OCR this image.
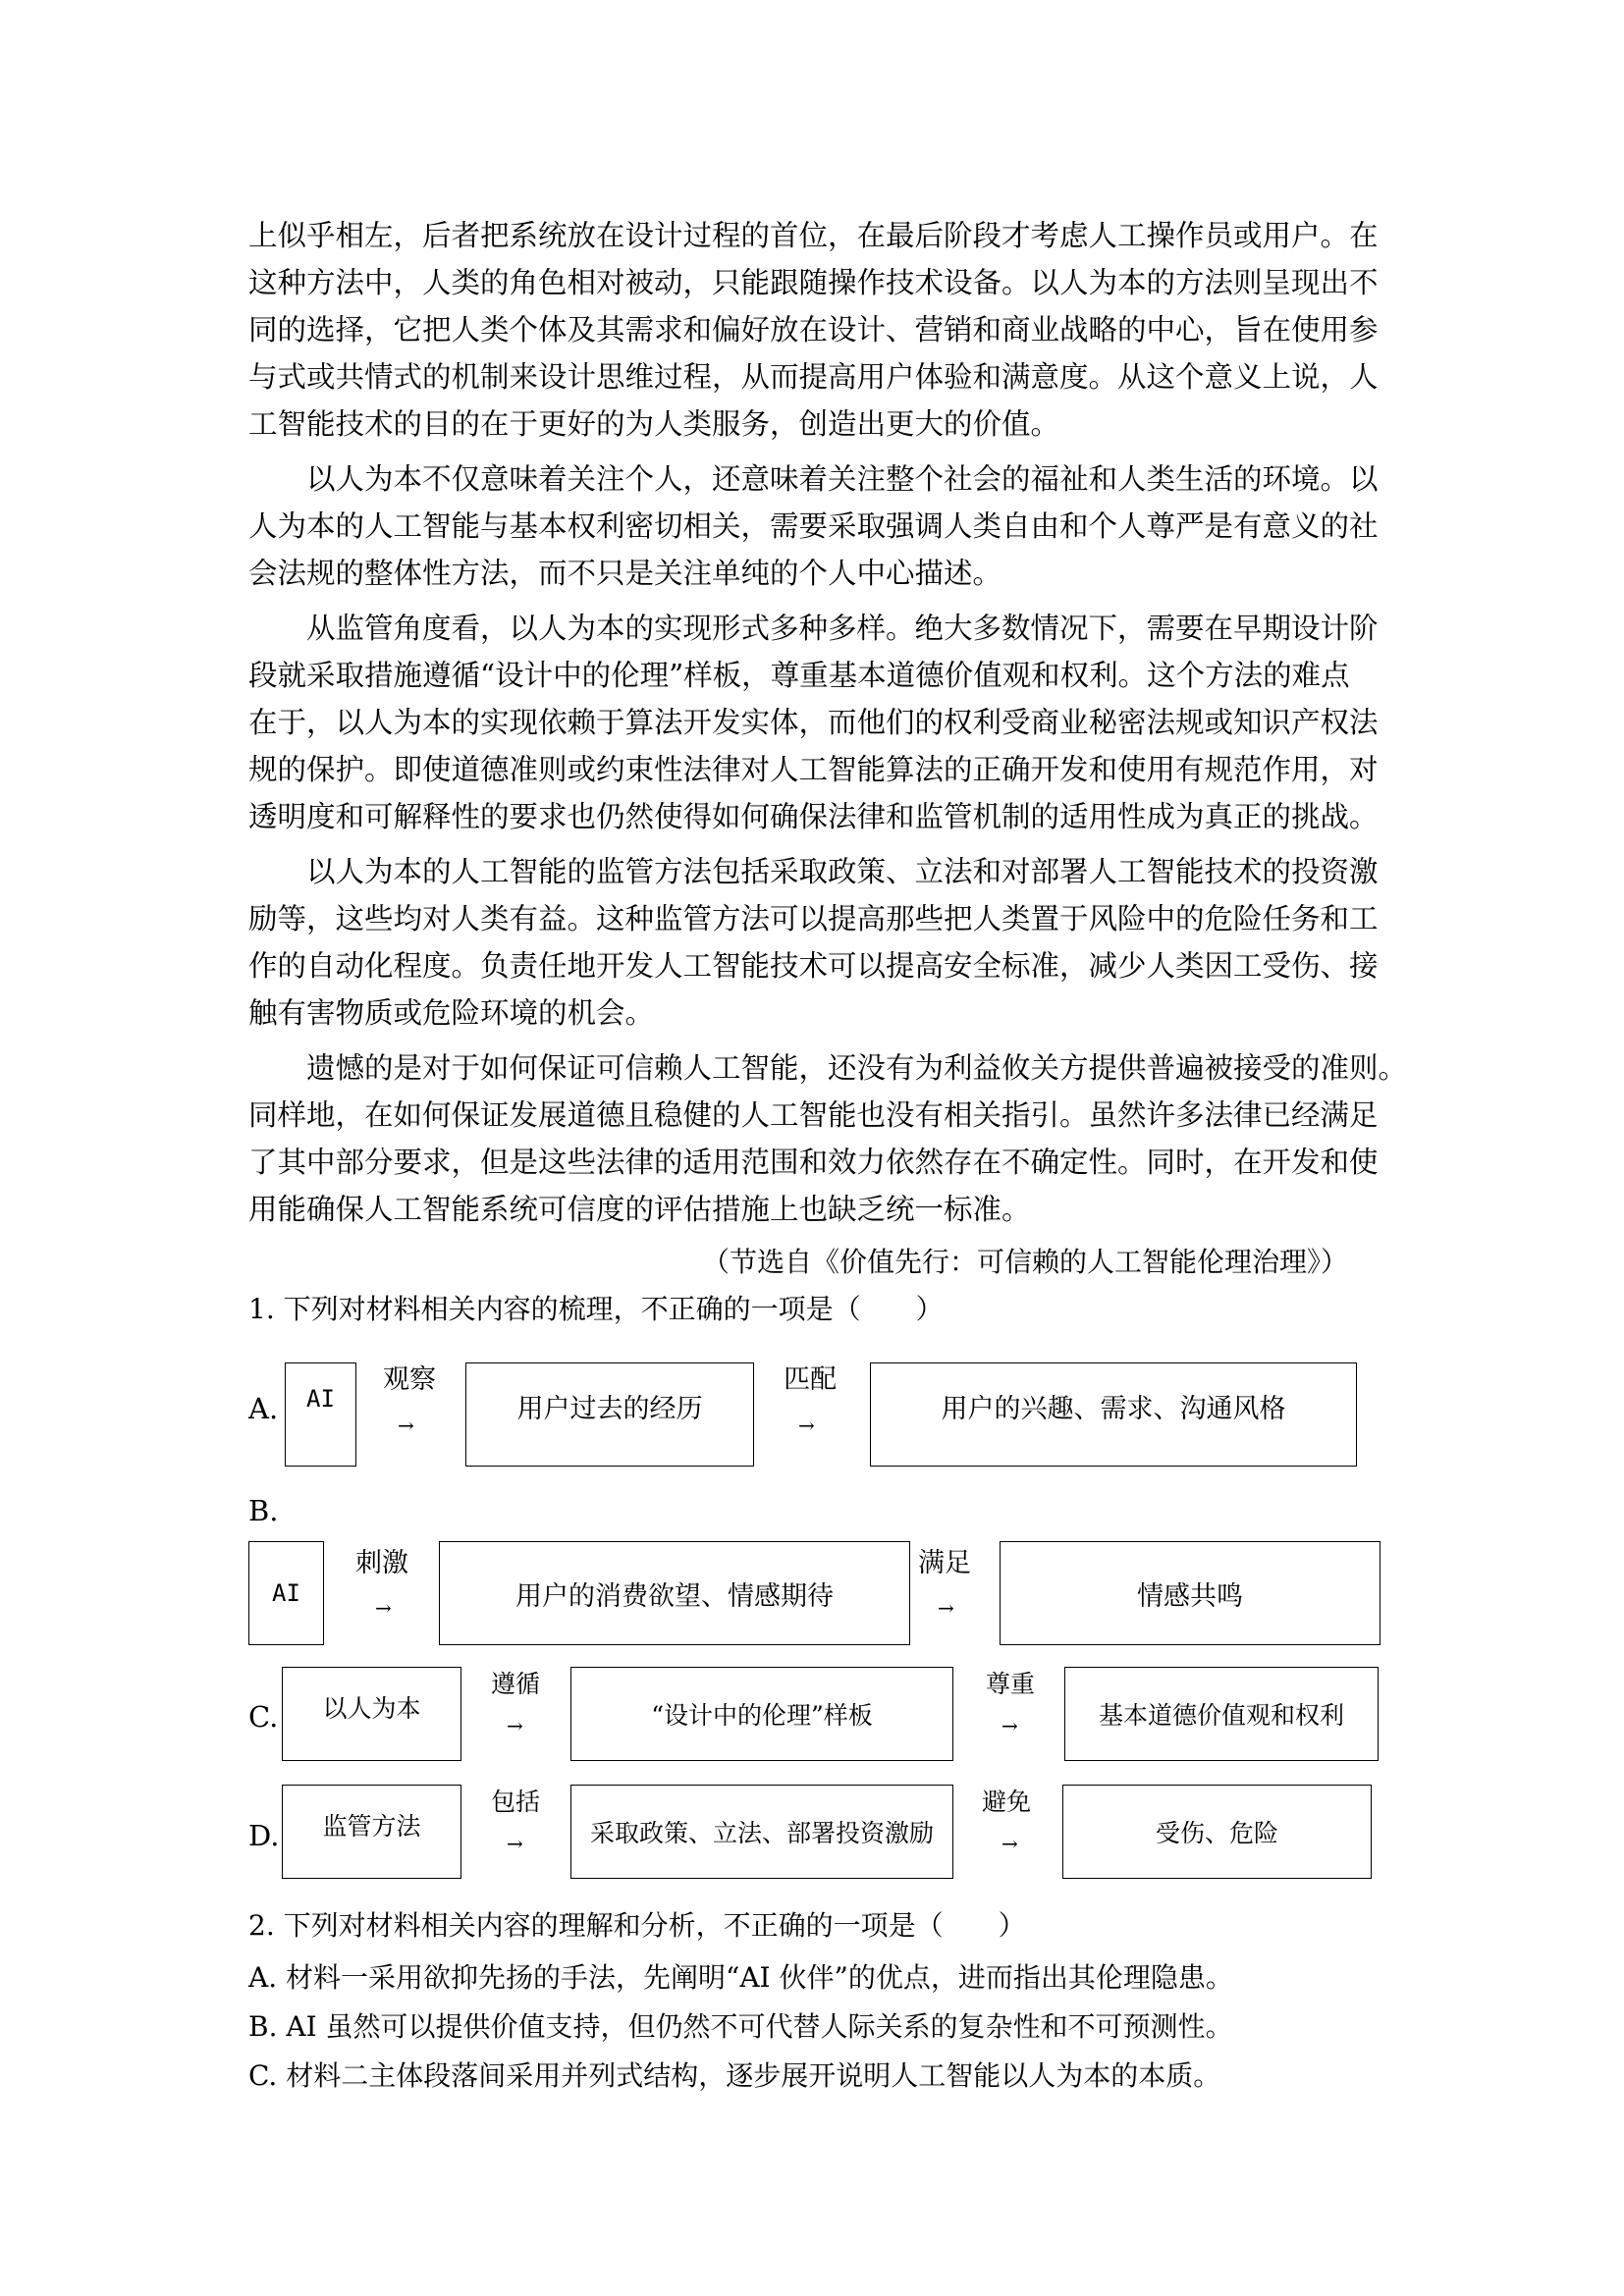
上似乎相左，后者把系统放在设计过程的首位，在最后阶段才考虑人工操作员或用户。在
这种方法中，人类的角色相对被动，只能跟随操作技术设备。以人为本的方法则呈现出不
同的选择，它把人类个体及其需求和偏好放在设计、营销和商业战略的中心，旨在使用参
与式或共情式的机制来设计思维过程，从而提高用户体验和满意度。从这个意义上说，人
工智能技术的目的在于更好的为人类服务，创造出更大的价值。
　　以人为本不仅意味着关注个人，还意味着关注整个社会的福祉和人类生活的环境。以
人为本的人工智能与基本权利密切相关，需要采取强调人类自由和个人尊严是有意义的社
会法规的整体性方法，而不只是关注单纯的个人中心描述。
　　从监管角度看，以人为本的实现形式多种多样。绝大多数情况下，需要在早期设计阶
段就采取措施遵循“设计中的伦理”样板，尊重基本道德价值观和权利。这个方法的难点
在于，以人为本的实现依赖于算法开发实体，而他们的权利受商业秘密法规或知识产权法
规的保护。即使道德准则或约束性法律对人工智能算法的正确开发和使用有规范作用，对
透明度和可解释性的要求也仍然使得如何确保法律和监管机制的适用性成为真正的挑战。
　　以人为本的人工智能的监管方法包括采取政策、立法和对部署人工智能技术的投资激
励等，这些均对人类有益。这种监管方法可以提高那些把人类置于风险中的危险任务和工
作的自动化程度。负责任地开发人工智能技术可以提高安全标准，减少人类因工受伤、接
触有害物质或危险环境的机会。
　　遗憾的是对于如何保证可信赖人工智能，还没有为利益攸关方提供普遍被接受的准则。
同样地，在如何保证发展道德且稳健的人工智能也没有相关指引。虽然许多法律已经满足
了其中部分要求，但是这些法律的适用范围和效力依然存在不确定性。同时，在开发和使
用能确保人工智能系统可信度的评估措施上也缺乏统一标准。
（节选自《价值先行：可信赖的人工智能伦理治理》）
1. 下列对材料相关内容的梳理，不正确的一项是（　　）
A.	AI
观察
→
用户过去的经历
匹配
→
用户的兴趣、需求、沟通风格
B.
AI
刺激
→	用户的消费欲望、情感期待
满足
→	情感共鸣
C.	以人为本
遵循
→	“设计中的伦理”样板
尊重
→	基本道德价值观和权利
D.	监管方法
包括
→	采取政策、立法、部署投资激励
避免
→	受伤、危险
2. 下列对材料相关内容的理解和分析，不正确的一项是（　　）
A. 材料一采用欲抑先扬的手法，先阐明“AI 伙伴”的优点，进而指出其伦理隐患。
B. AI 虽然可以提供价值支持，但仍然不可代替人际关系的复杂性和不可预测性。
C. 材料二主体段落间采用并列式结构，逐步展开说明人工智能以人为本的本质。
